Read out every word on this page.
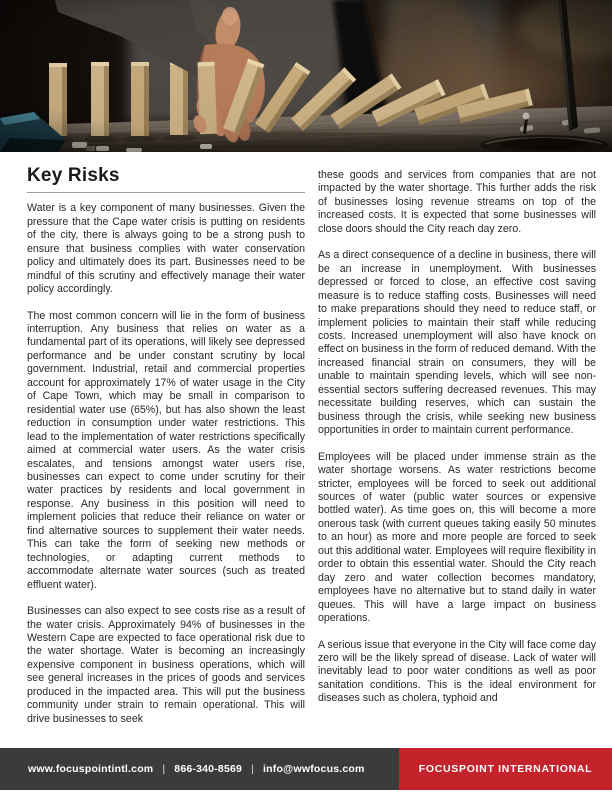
Key Risks

Water is a key component of many businesses. Given the pressure that the Cape water crisis is putting on residents of the city, there is always going to be a strong push to ensure that business complies with water conservation policy and ultimately does its part. Businesses need to be mindful of this scrutiny and effectively manage their water policy accordingly.

The most common concern will lie in the form of business interruption. Any business that relies on water as a fundamental part of its operations, will likely see depressed performance and be under constant scrutiny by local government. Industrial, retail and commercial properties account for approximately 17% of water usage in the City of Cape Town, which may be small in comparison to residential water use (65%), but has also shown the least reduction in consumption under water restrictions. This lead to the implementation of water restrictions specifically aimed at commercial water users. As the water crisis escalates, and tensions amongst water users rise, businesses can expect to come under scrutiny for their water practices by residents and local government in response. Any business in this position will need to implement policies that reduce their reliance on water or find alternative sources to supplement their water needs. This can take the form of seeking new methods or technologies, or adapting current methods to accommodate alternate water sources (such as treated effluent water).

Businesses can also expect to see costs rise as a result of the water crisis. Approximately 94% of businesses in the Western Cape are expected to face operational risk due to the water shortage. Water is becoming an increasingly expensive component in business operations, which will see general increases in the prices of goods and services produced in the impacted area. This will put the business community under strain to remain operational. This will drive businesses to seek

these goods and services from companies that are not impacted by the water shortage. This further adds the risk of businesses losing revenue streams on top of the increased costs. It is expected that some businesses will close doors should the City reach day zero.

As a direct consequence of a decline in business, there will be an increase in unemployment. With businesses depressed or forced to close, an effective cost saving measure is to reduce staffing costs. Businesses will need to make preparations should they need to reduce staff, or implement policies to maintain their staff while reducing costs. Increased unemployment will also have knock on effect on business in the form of reduced demand. With the increased financial strain on consumers, they will be unable to maintain spending levels, which will see non-essential sectors suffering decreased revenues. This may necessitate building reserves, which can sustain the business through the crisis, while seeking new business opportunities in order to maintain current performance.

Employees will be placed under immense strain as the water shortage worsens. As water restrictions become stricter, employees will be forced to seek out additional sources of water (public water sources or expensive bottled water). As time goes on, this will become a more onerous task (with current queues taking easily 50 minutes to an hour) as more and more people are forced to seek out this additional water. Employees will require flexibility in order to obtain this essential water. Should the City reach day zero and water collection becomes mandatory, employees have no alternative but to stand daily in water queues. This will have a large impact on business operations.

A serious issue that everyone in the City will face come day zero will be the likely spread of disease. Lack of water will inevitably lead to poor water conditions as well as poor sanitation conditions. This is the ideal environment for diseases such as cholera, typhoid and

www.focuspointintl.com | 866-340-8569 | info@wwfocus.com	FOCUSPOINT INTERNATIONAL
